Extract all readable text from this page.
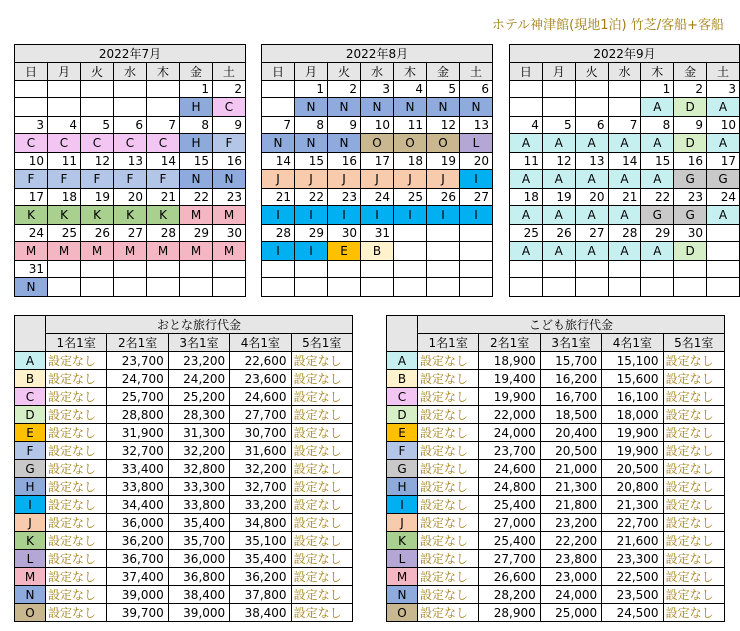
ホテル神津館(現地1泊) 竹芝/客船+客船
2022年7月						
日	月	火	水	木	金	土
					1	2
					H	C
3	4	5	6	7	8	9
C	C	C	C	C	H	F
10	11	12	13	14	15	16
F	F	F	F	F	N	N
17	18	19	20	21	22	23
K	K	K	K	K	M	M
24	25	26	27	28	29	30
M	M	M	M	M	M	M
31						
N						
2022年8月						
日	月	火	水	木	金	土
	1	2	3	4	5	6
	N	N	N	N	N	N
7	8	9	10	11	12	13
N	N	N	O	O	O	L
14	15	16	17	18	19	20
J	J	J	J	J	J	I
21	22	23	24	25	26	27
I	I	I	I	I	I	I
28	29	30	31			
I	I	E	B			

2022年9月						
日	月	火	水	木	金	土
				1	2	3
				A	D	A
4	5	6	7	8	9	10
A	A	A	A	A	D	A
11	12	13	14	15	16	17
A	A	A	A	A	G	G
18	19	20	21	22	23	24
A	A	A	A	G	G	A
25	26	27	28	29	30	
A	A	A	A	A	D	

	おとな旅行代金				
	1名1室	2名1室	3名1室	4名1室	5名1室
A	設定なし	23,700	23,200	22,600	設定なし
B	設定なし	24,700	24,200	23,600	設定なし
C	設定なし	25,700	25,200	24,600	設定なし
D	設定なし	28,800	28,300	27,700	設定なし
E	設定なし	31,900	31,300	30,700	設定なし
F	設定なし	32,700	32,200	31,600	設定なし
G	設定なし	33,400	32,800	32,200	設定なし
H	設定なし	33,800	33,300	32,700	設定なし
I	設定なし	34,400	33,800	33,200	設定なし
J	設定なし	36,000	35,400	34,800	設定なし
K	設定なし	36,200	35,700	35,100	設定なし
L	設定なし	36,700	36,000	35,400	設定なし
M	設定なし	37,400	36,800	36,200	設定なし
N	設定なし	39,000	38,400	37,800	設定なし
O	設定なし	39,700	39,000	38,400	設定なし
	こども旅行代金				
	1名1室	2名1室	3名1室	4名1室	5名1室
A	設定なし	18,900	15,700	15,100	設定なし
B	設定なし	19,400	16,200	15,600	設定なし
C	設定なし	19,900	16,700	16,100	設定なし
D	設定なし	22,000	18,500	18,000	設定なし
E	設定なし	24,000	20,400	19,900	設定なし
F	設定なし	23,700	20,500	19,900	設定なし
G	設定なし	24,600	21,000	20,500	設定なし
H	設定なし	24,800	21,300	20,800	設定なし
I	設定なし	25,400	21,800	21,300	設定なし
J	設定なし	27,000	23,200	22,700	設定なし
K	設定なし	25,400	22,200	21,600	設定なし
L	設定なし	27,700	23,800	23,300	設定なし
M	設定なし	26,600	23,000	22,500	設定なし
N	設定なし	28,200	24,000	23,500	設定なし
O	設定なし	28,900	25,000	24,500	設定なし
